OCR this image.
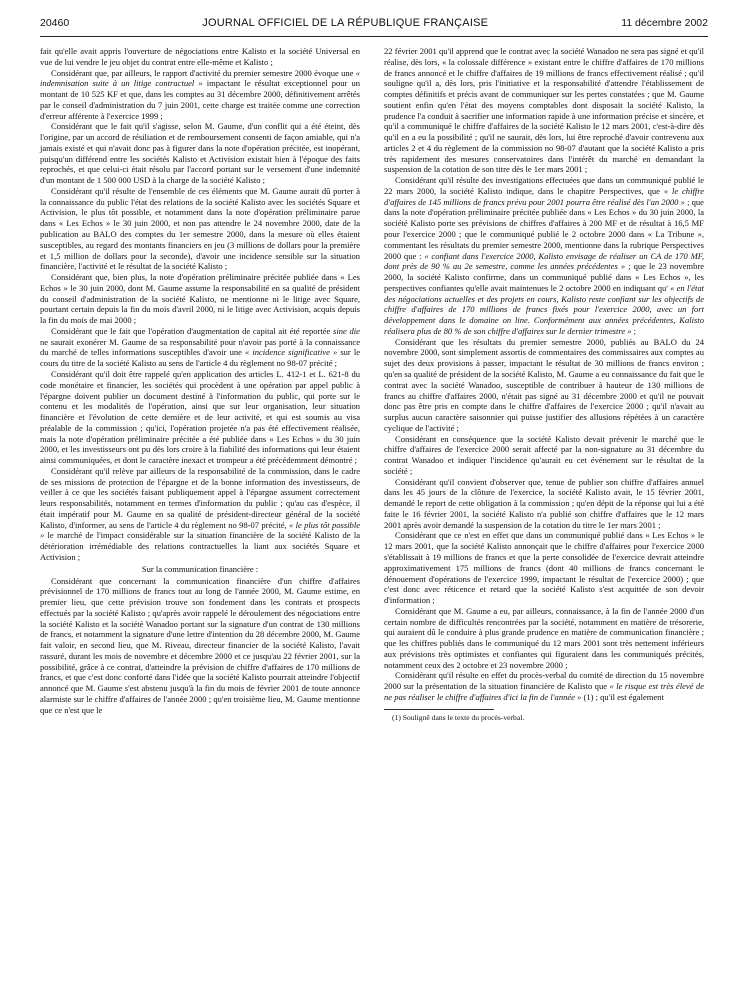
20460	JOURNAL OFFICIEL DE LA RÉPUBLIQUE FRANÇAISE	11 décembre 2002

fait qu'elle avait appris l'ouverture de négociations entre Kalisto et la société Universal en vue de lui vendre le jeu objet du contrat entre elle-même et Kalisto ;

Considérant que, par ailleurs, le rapport d'activité du premier semestre 2000 évoque une « indemnisation suite à un litige contractuel » impactant le résultat exceptionnel pour un montant de 10 525 KF et que, dans les comptes au 31 décembre 2000, définitivement arrêtés par le conseil d'administration du 7 juin 2001, cette charge est traitée comme une correction d'erreur afférente à l'exercice 1999 ;

Considérant que le fait qu'il s'agisse, selon M. Gaume, d'un conflit qui a été éteint, dès l'origine, par un accord de résiliation et de remboursement consenti de façon amiable, qui n'a jamais existé et qui n'avait donc pas à figurer dans la note d'opération précitée, est inopérant, puisqu'un différend entre les sociétés Kalisto et Activision existait bien à l'époque des faits reprochés, et que celui-ci était résolu par l'accord portant sur le versement d'une indemnité d'un montant de 1 500 000 USD à la charge de la société Kalisto ;

Considérant qu'il résulte de l'ensemble de ces éléments que M. Gaume aurait dû porter à la connaissance du public l'état des relations de la société Kalisto avec les sociétés Square et Activision, le plus tôt possible, et notamment dans la note d'opération préliminaire parue dans « Les Echos » le 30 juin 2000, et non pas attendre le 24 novembre 2000, date de la publication au BALO des comptes du 1er semestre 2000, dans la mesure où elles étaient susceptibles, au regard des montants financiers en jeu (3 millions de dollars pour la première et 1,5 million de dollars pour la seconde), d'avoir une incidence sensible sur la situation financière, l'activité et le résultat de la société Kalisto ;

Considérant que, bien plus, la note d'opération préliminaire précitée publiée dans « Les Echos » le 30 juin 2000, dont M. Gaume assume la responsabilité en sa qualité de président du conseil d'administration de la société Kalisto, ne mentionne ni le litige avec Square, pourtant certain depuis la fin du mois d'avril 2000, ni le litige avec Activision, acquis depuis la fin du mois de mai 2000 ;

Considérant que le fait que l'opération d'augmentation de capital ait été reportée sine die ne saurait exonérer M. Gaume de sa responsabilité pour n'avoir pas porté à la connaissance du marché de telles informations susceptibles d'avoir une « incidence significative » sur le cours du titre de la société Kalisto au sens de l'article 4 du règlement no 98-07 précité ;

Considérant qu'il doit être rappelé qu'en application des articles L. 412-1 et L. 621-8 du code monétaire et financier, les sociétés qui procèdent à une opération par appel public à l'épargne doivent publier un document destiné à l'information du public, qui porte sur le contenu et les modalités de l'opération, ainsi que sur leur organisation, leur situation financière et l'évolution de cette dernière et de leur activité, et qui est soumis au visa préalable de la commission ; qu'ici, l'opération projetée n'a pas été effectivement réalisée, mais la note d'opération préliminaire précitée a été publiée dans « Les Echos » du 30 juin 2000, et les investisseurs ont pu dès lors croire à la fiabilité des informations qui leur étaient ainsi communiquées, et dont le caractère inexact et trompeur a été précédemment démontré ;

Considérant qu'il relève par ailleurs de la responsabilité de la commission, dans le cadre de ses missions de protection de l'épargne et de la bonne information des investisseurs, de veiller à ce que les sociétés faisant publiquement appel à l'épargne assument correctement leurs responsabilités, notamment en termes d'information du public ; qu'au cas d'espèce, il était impératif pour M. Gaume en sa qualité de président-directeur général de la société Kalisto, d'informer, au sens de l'article 4 du règlement no 98-07 précité, « le plus tôt possible » le marché de l'impact considérable sur la situation financière de la société Kalisto de la détérioration irrémédiable des relations contractuelles la liant aux sociétés Square et Activision ;

Sur la communication financière :

Considérant que concernant la communication financière d'un chiffre d'affaires prévisionnel de 170 millions de francs tout au long de l'année 2000, M. Gaume estime, en premier lieu, que cette prévision trouve son fondement dans les contrats et prospects effectués par la société Kalisto ; qu'après avoir rappelé le déroulement des négociations entre la société Kalisto et la société Wanadoo portant sur la signature d'un contrat de 130 millions de francs, et notamment la signature d'une lettre d'intention du 28 décembre 2000, M. Gaume fait valoir, en second lieu, que M. Riveau, directeur financier de la société Kalisto, l'avait rassuré, durant les mois de novembre et décembre 2000 et ce jusqu'au 22 février 2001, sur la possibilité, grâce à ce contrat, d'atteindre la prévision de chiffre d'affaires de 170 millions de francs, et que c'est donc conforté dans l'idée que la société Kalisto pourrait atteindre l'objectif annoncé que M. Gaume s'est abstenu jusqu'à la fin du mois de février 2001 de toute annonce alarmiste sur le chiffre d'affaires de l'année 2000 ; qu'en troisième lieu, M. Gaume mentionne que ce n'est que le

22 février 2001 qu'il apprend que le contrat avec la société Wanadoo ne sera pas signé et qu'il réalise, dès lors, « la colossale différence » existant entre le chiffre d'affaires de 170 millions de francs annoncé et le chiffre d'affaires de 19 millions de francs effectivement réalisé ; qu'il souligne qu'il a, dès lors, pris l'initiative et la responsabilité d'attendre l'établissement de comptes définitifs et précis avant de communiquer sur les pertes constatées ; que M. Gaume soutient enfin qu'en l'état des moyens comptables dont disposait la société Kalisto, la prudence l'a conduit à sacrifier une information rapide à une information précise et sincère, et qu'il a communiqué le chiffre d'affaires de la société Kalisto le 12 mars 2001, c'est-à-dire dès qu'il en a eu la possibilité ; qu'il ne saurait, dès lors, lui être reproché d'avoir contrevenu aux articles 2 et 4 du règlement de la commission no 98-07 d'autant que la société Kalisto a pris très rapidement des mesures conservatoires dans l'intérêt du marché en demandant la suspension de la cotation de son titre dès le 1er mars 2001 ;

Considérant qu'il résulte des investigations effectuées que dans un communiqué publié le 22 mars 2000, la société Kalisto indique, dans le chapitre Perspectives, que « le chiffre d'affaires de 145 millions de francs prévu pour 2001 pourra être réalisé dès l'an 2000 » ; que dans la note d'opération préliminaire précitée publiée dans « Les Echos » du 30 juin 2000, la société Kalisto porte ses prévisions de chiffres d'affaires à 200 MF et de résultat à 16,5 MF pour l'exercice 2000 ; que le communiqué publié le 2 octobre 2000 dans « La Tribune », commentant les résultats du premier semestre 2000, mentionne dans la rubrique Perspectives 2000 que : « confiant dans l'exercice 2000, Kalisto envisage de réaliser un CA de 170 MF, dont près de 90 % au 2e semestre, comme les années précédentes » ; que le 23 novembre 2000, la société Kalisto confirme, dans un communiqué publié dans « Les Echos », les perspectives confiantes qu'elle avait maintenues le 2 octobre 2000 en indiquant qu' « en l'état des négociations actuelles et des projets en cours, Kalisto reste confiant sur les objectifs de chiffre d'affaires de 170 millions de francs fixés pour l'exercice 2000, avec un fort développement dans le domaine on line. Conformément aux années précédentes, Kalisto réalisera plus de 80 % de son chiffre d'affaires sur le dernier trimestre » ;

Considérant que les résultats du premier semestre 2000, publiés au BALO du 24 novembre 2000, sont simplement assortis de commentaires des commissaires aux comptes au sujet des deux provisions à passer, impactant le résultat de 30 millions de francs environ ; qu'en sa qualité de président de la société Kalisto, M. Gaume a eu connaissance du fait que le contrat avec la société Wanadoo, susceptible de contribuer à hauteur de 130 millions de francs au chiffre d'affaires 2000, n'était pas signé au 31 décembre 2000 et qu'il ne pouvait donc pas être pris en compte dans le chiffre d'affaires de l'exercice 2000 ; qu'il n'avait au surplus aucun caractère saisonnier qui puisse justifier des allusions répétées à un caractère cyclique de l'activité ;

Considérant en conséquence que la société Kalisto devait prévenir le marché que le chiffre d'affaires de l'exercice 2000 serait affecté par la non-signature au 31 décembre du contrat Wanadoo et indiquer l'incidence qu'aurait eu cet événement sur le résultat de la société ;

Considérant qu'il convient d'observer que, tenue de publier son chiffre d'affaires annuel dans les 45 jours de la clôture de l'exercice, la société Kalisto avait, le 15 février 2001, demandé le report de cette obligation à la commission ; qu'en dépit de la réponse qui lui a été faite le 16 février 2001, la société Kalisto n'a publié son chiffre d'affaires que le 12 mars 2001 après avoir demandé la suspension de la cotation du titre le 1er mars 2001 ;

Considérant que ce n'est en effet que dans un communiqué publié dans « Les Echos » le 12 mars 2001, que la société Kalisto annonçait que le chiffre d'affaires pour l'exercice 2000 s'établissait à 19 millions de francs et que la perte consolidée de l'exercice devrait atteindre approximativement 175 millions de francs (dont 40 millions de francs concernant le dénouement d'opérations de l'exercice 1999, impactant le résultat de l'exercice 2000) ; que c'est donc avec réticence et retard que la société Kalisto s'est acquittée de son devoir d'information ;

Considérant que M. Gaume a eu, par ailleurs, connaissance, à la fin de l'année 2000 d'un certain nombre de difficultés rencontrées par la société, notamment en matière de trésorerie, qui auraient dû le conduire à plus grande prudence en matière de communication financière ; que les chiffres publiés dans le communiqué du 12 mars 2001 sont très nettement inférieurs aux prévisions très optimistes et confiantes qui figuraient dans les communiqués précités, notamment ceux des 2 octobre et 23 novembre 2000 ;

Considérant qu'il résulte en effet du procès-verbal du comité de direction du 15 novembre 2000 sur la présentation de la situation financière de Kalisto que « le risque est très élevé de ne pas réaliser le chiffre d'affaires d'ici la fin de l'année » (1) ; qu'il est également

(1) Soulignê dans le texte du procès-verbal.
